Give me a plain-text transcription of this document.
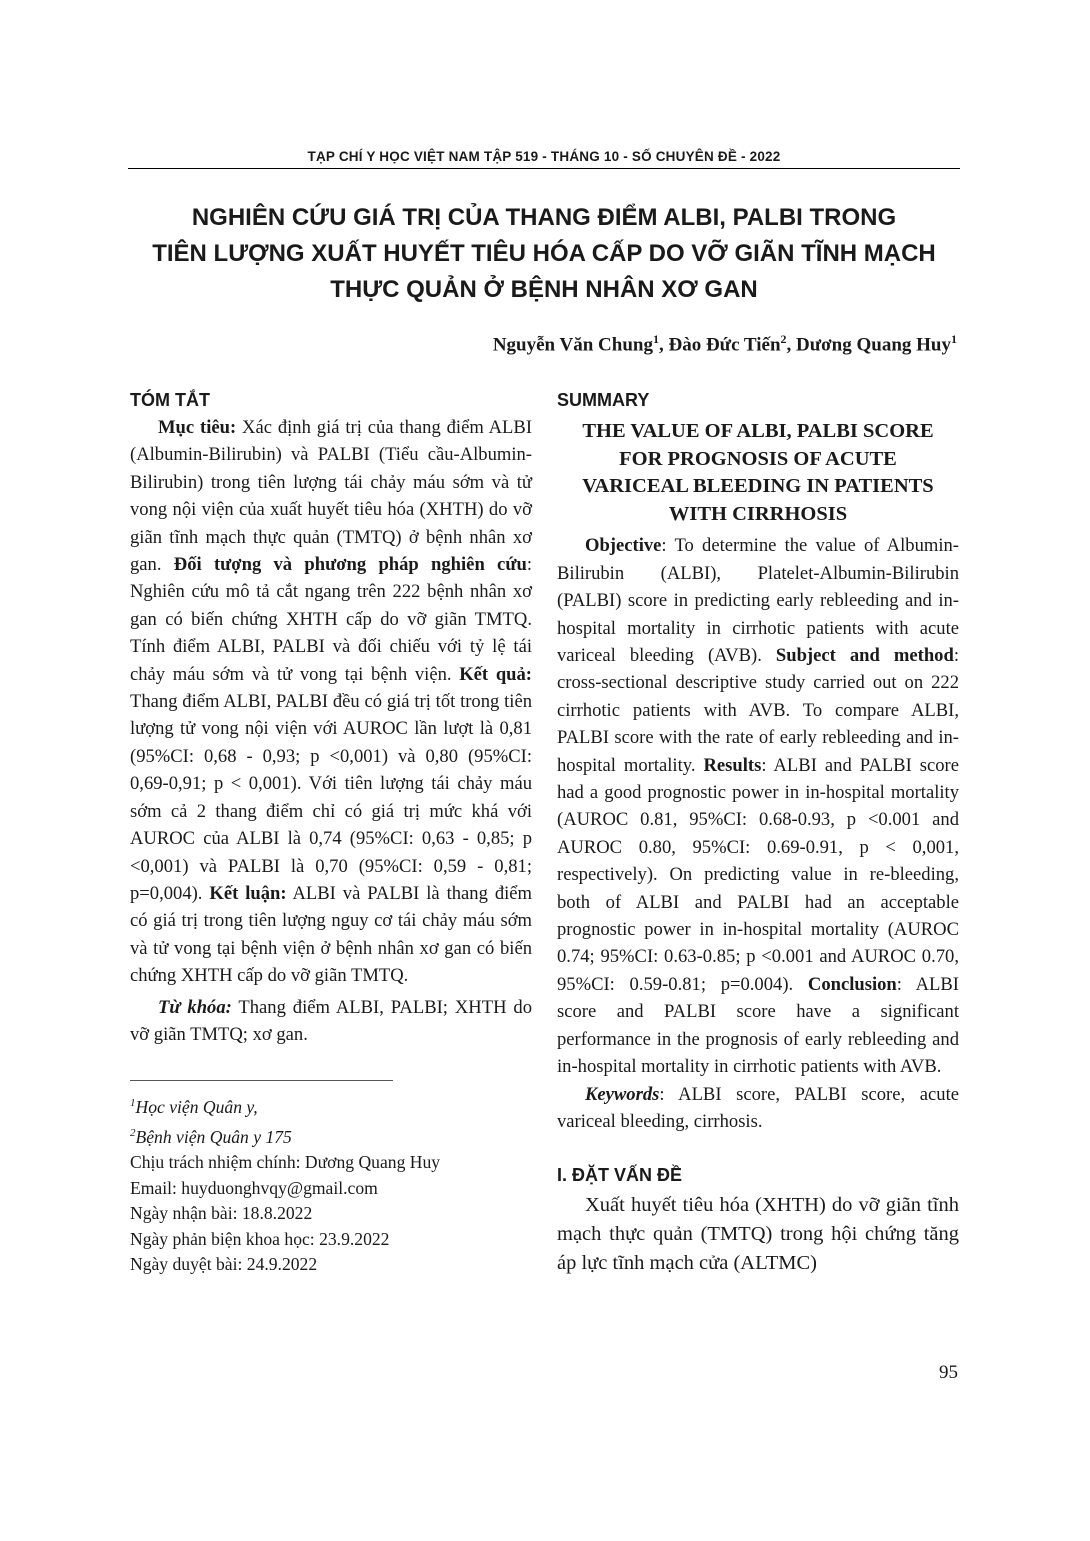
TẠP CHÍ Y HỌC VIỆT NAM TẬP 519 - THÁNG 10 - SỐ CHUYÊN ĐỀ - 2022
NGHIÊN CỨU GIÁ TRỊ CỦA THANG ĐIỂM ALBI, PALBI TRONG
TIÊN LƯỢNG XUẤT HUYẾT TIÊU HÓA CẤP DO VỠ GIÃN TĨNH MẠCH
THỰC QUẢN Ở BỆNH NHÂN XƠ GAN
Nguyễn Văn Chung$^1$, Đào Đức Tiến$^2$, Dương Quang Huy$^1$
TÓM TẮT

Mục tiêu: Xác định giá trị của thang điểm ALBI (Albumin-Bilirubin) và PALBI (Tiểu cầu-Albumin-Bilirubin) trong tiên lượng tái chảy máu sớm và tử vong nội viện của xuất huyết tiêu hóa (XHTH) do vỡ giãn tĩnh mạch thực quản (TMTQ) ở bệnh nhân xơ gan. Đối tượng và phương pháp nghiên cứu: Nghiên cứu mô tả cắt ngang trên 222 bệnh nhân xơ gan có biến chứng XHTH cấp do vỡ giãn TMTQ. Tính điểm ALBI, PALBI và đối chiếu với tỷ lệ tái chảy máu sớm và tử vong tại bệnh viện. Kết quả: Thang điểm ALBI, PALBI đều có giá trị tốt trong tiên lượng tử vong nội viện với AUROC lần lượt là 0,81 (95%CI: 0,68 - 0,93; p <0,001) và 0,80 (95%CI: 0,69-0,91; p < 0,001). Với tiên lượng tái chảy máu sớm cả 2 thang điểm chỉ có giá trị mức khá với AUROC của ALBI là 0,74 (95%CI: 0,63 - 0,85; p <0,001) và PALBI là 0,70 (95%CI: 0,59 - 0,81; p=0,004). Kết luận: ALBI và PALBI là thang điểm có giá trị trong tiên lượng nguy cơ tái chảy máu sớm và tử vong tại bệnh viện ở bệnh nhân xơ gan có biến chứng XHTH cấp do vỡ giãn TMTQ.

Từ khóa: Thang điểm ALBI, PALBI; XHTH do vỡ giãn TMTQ; xơ gan.

$^1$Học viện Quân y,

$^2$Bệnh viện Quân y 175

Chịu trách nhiệm chính: Dương Quang Huy

Email: huyduonghvqy@gmail.com

Ngày nhận bài: 18.8.2022

Ngày phản biện khoa học: 23.9.2022

Ngày duyệt bài: 24.9.2022

SUMMARY
THE VALUE OF ALBI, PALBI SCORE
FOR PROGNOSIS OF ACUTE
VARICEAL BLEEDING IN PATIENTS
WITH CIRRHOSIS

Objective: To determine the value of Albumin-Bilirubin (ALBI), Platelet-Albumin-Bilirubin (PALBI) score in predicting early rebleeding and in-hospital mortality in cirrhotic patients with acute variceal bleeding (AVB). Subject and method: cross-sectional descriptive study carried out on 222 cirrhotic patients with AVB. To compare ALBI, PALBI score with the rate of early rebleeding and in-hospital mortality. Results: ALBI and PALBI score had a good prognostic power in in-hospital mortality (AUROC 0.81, 95%CI: 0.68-0.93, p <0.001 and AUROC 0.80, 95%CI: 0.69-0.91, p < 0,001, respectively). On predicting value in re-bleeding, both of ALBI and PALBI had an acceptable prognostic power in in-hospital mortality (AUROC 0.74; 95%CI: 0.63-0.85; p <0.001 and AUROC 0.70, 95%CI: 0.59-0.81; p=0.004). Conclusion: ALBI score and PALBI score have a significant performance in the prognosis of early rebleeding and in-hospital mortality in cirrhotic patients with AVB.

Keywords: ALBI score, PALBI score, acute variceal bleeding, cirrhosis.

I. ĐẶT VẤN ĐỀ

Xuất huyết tiêu hóa (XHTH) do vỡ giãn tĩnh mạch thực quản (TMTQ) trong hội chứng tăng áp lực tĩnh mạch cửa (ALTMC)

95
